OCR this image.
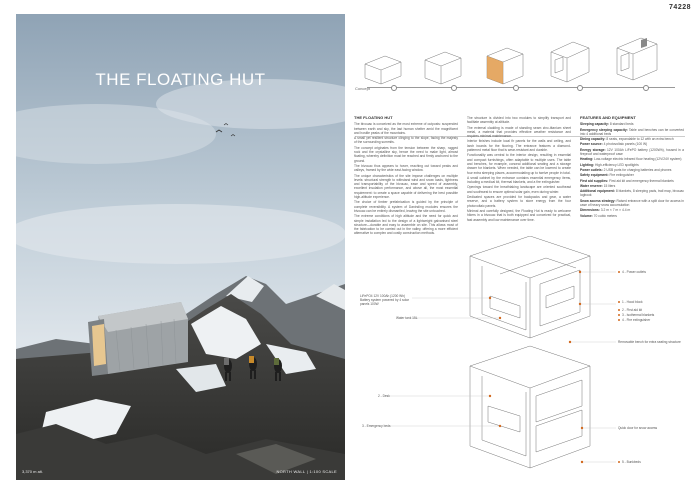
74228
THE FLOATING HUT
3,370 m alt.	NORTH WALL | 1:100 SCALE
Concept
THE FLOATING HUT

The bivouac is conceived as the most extreme of outposts: suspended between earth and sky, the last human shelter amid the magnificent and hostile peaks of the mountains.

A small yet resilient structure clinging to the slope, facing the majesty of the surrounding summits.

The concept originates from the tension between the sharp, rugged rock and the crystalline sky, hence the need to make light, almost floating, whereby definition must be reached and firmly anchored to the ground.

The bivouac thus appears to hover, reaching out toward peaks and valleys, framed by the wide east-facing window.

The unique characteristics of the site impose challenges on multiple levels: structural strength to withstand wind and snow loads, lightness and transportability of the bivouac, ease and speed of assembly, excellent insulation performance, and above all, the most essential requirement: to create a space capable of delivering the best possible high-altitude experience.

The choice of timber prefabrication is guided by the principle of complete reversibility. A system of Daninding modules ensures the bivouac can be entirely dismantled, leaving the site untouched.

The extreme conditions of high altitude and the need for quick and simple installation led to the design of a lightweight galvanised steel structure—durable and easy to assemble on site. This allows most of the fabrication to be carried out in the valley, offering a more efficient alternative to complex and costly construction methods.

The structure is divided into two modules to simplify transport and facilitate assembly at altitude.

The external cladding is made of standing seam zinc-titanium sheet metal, a material that provides effective weather resistance and requires minimal maintenance.

Interior finishes include local fir panels for the walls and ceiling, and larch boards for the flooring. The entrance features a diamond-patterned metal floor that is wear-resistant and durable.

Functionality was central to the interior design, resulting in essential and compact furnishings, often adaptable to multiple uses. The table and benches, for example, conceal additional seating and a storage drawer for blankets. When needed, the table can be lowered to create four extra sleeping places, accommodating up to twelve people in total.

A small cabinet by the entrance contains essential emergency items, including a medical kit, thermal blankets, and a fire extinguisher.

Openings toward the breathtaking landscape are oriented southeast and southwest to ensure optimal solar gain, even during winter.

Dedicated spaces are provided for backpacks and gear, a water reserve, and a battery system to store energy from the four photovoltaic panels.

Minimal and carefully designed, the Floating Hut is ready to welcome hikers in a bivouac that is both equipped and conceived for practical, fast assembly and low maintenance over time.

FEATURES AND EQUIPMENT

Sleeping capacity: 8 standard beds

Emergency sleeping capacity: Table and benches can be converted into 4 additional beds

Dining capacity: 8 seats, expandable to 12 with an extra bench

Power source: 4 photovoltaic panels (100 W)

Energy storage: 12V 100Ah LiFePO battery (1200Wh), housed in a fireproof and waterproof case

Heating: Low-voltage electric infrared floor heating (12V/24V system)

Lighting: High-efficiency LED spotlights

Power outlets: 2 USB ports for charging batteries and phones

Safety equipment: Fire extinguisher

First aid supplies: First aid kit and emergency thermal blankets

Water reserve: 15 liters

Additional equipment: 8 blankets, 8 sleeping pads, trail map, bivouac logbook

Snow access strategy: Raised entrance with a split door for access in case of heavy snow accumulation

Dimensions: 3.2 m × 7 m × 4.4 m

Volume: 70 cubic meters

LiFePO4 12V 100Ah (1200 Wh) Battery system powered by 4 solar panels 100W
Water tank 15L
2 - Desk
3 - Emergency beds
4 - Power outlets
1 - Hood block
2 - First aid kit
3 - Isothermal blankets
4 - Fire extinguisher
Removable bench for extra seating structure
Quick door for snow access
5 - Bunkbeds
